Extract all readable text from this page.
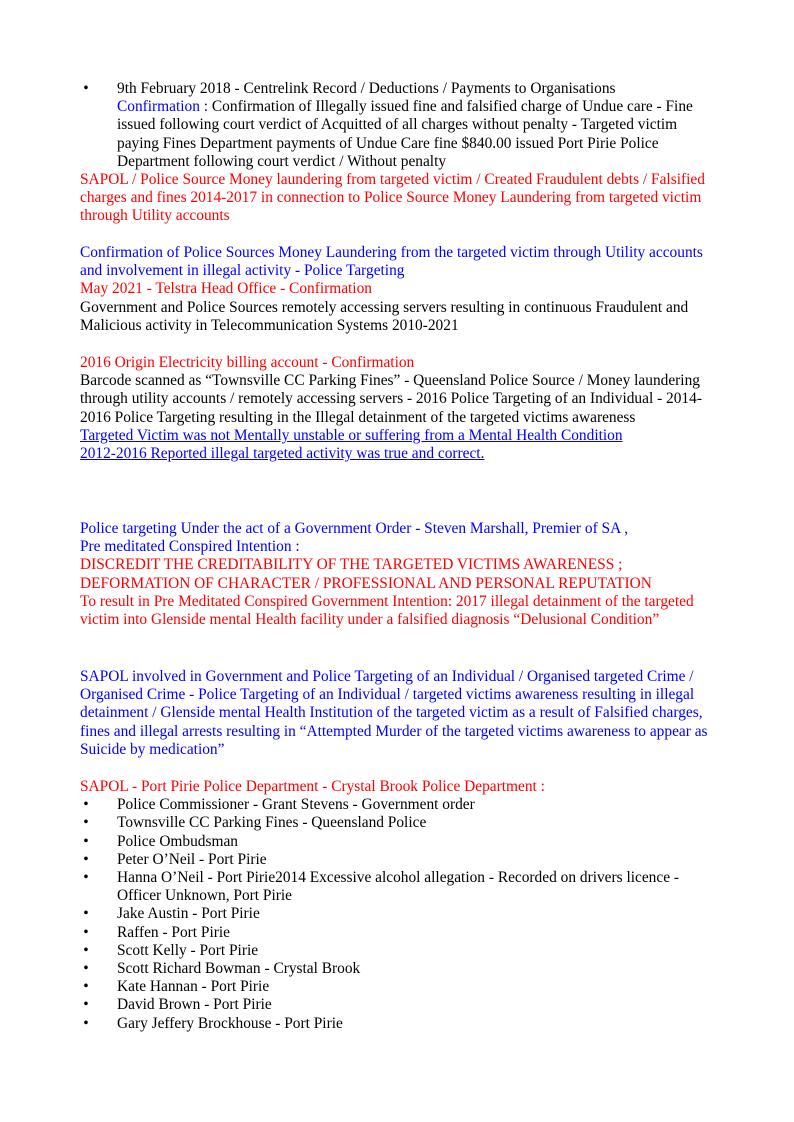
• 9th February 2018 - Centrelink Record / Deductions / Payments to Organisations
Confirmation : Confirmation of Illegally issued fine and falsified charge of Undue care - Fine issued following court verdict of Acquitted of all charges without penalty - Targeted victim paying Fines Department payments of Undue Care fine $840.00 issued Port Pirie Police Department following court verdict / Without penalty

SAPOL / Police Source Money laundering from targeted victim / Created Fraudulent debts / Falsified charges and fines 2014-2017 in connection to Police Source Money Laundering from targeted victim through Utility accounts

Confirmation of Police Sources Money Laundering from the targeted victim through Utility accounts and involvement in illegal activity - Police Targeting
May 2021 - Telstra Head Office - Confirmation
Government and Police Sources remotely accessing servers resulting in continuous Fraudulent and Malicious activity in Telecommunication Systems 2010-2021
2016 Origin Electricity billing account - Confirmation
Barcode scanned as “Townsville CC Parking Fines” - Queensland Police Source / Money laundering through utility accounts / remotely accessing servers - 2016 Police Targeting of an Individual - 2014-2016 Police Targeting resulting in the Illegal detainment of the targeted victims awareness
Targeted Victim was not Mentally unstable or suffering from a Mental Health Condition
2012-2016 Reported illegal targeted activity was true and correct.
Police targeting Under the act of a Government Order - Steven Marshall, Premier of SA ,
Pre meditated Conspired Intention :
DISCREDIT THE CREDITABILITY OF THE TARGETED VICTIMS AWARENESS ;
DEFORMATION OF CHARACTER / PROFESSIONAL AND PERSONAL REPUTATION
To result in Pre Meditated Conspired Government Intention: 2017 illegal detainment of the targeted victim into Glenside mental Health facility under a falsified diagnosis “Delusional Condition”

SAPOL involved in Government and Police Targeting of an Individual / Organised targeted Crime / Organised Crime - Police Targeting of an Individual / targeted victims awareness resulting in illegal detainment / Glenside mental Health Institution of the targeted victim as a result of Falsified charges, fines and illegal arrests resulting in “Attempted Murder of the targeted victims awareness to appear as Suicide by medication”

SAPOL - Port Pirie Police Department - Crystal Brook Police Department :
• Police Commissioner - Grant Stevens - Government order
• Townsville CC Parking Fines - Queensland Police
• Police Ombudsman
• Peter O’Neil - Port Pirie
• Hanna O’Neil - Port Pirie2014 Excessive alcohol allegation - Recorded on drivers licence - Officer Unknown, Port Pirie
• Jake Austin - Port Pirie
• Raffen - Port Pirie
• Scott Kelly - Port Pirie
• Scott Richard Bowman - Crystal Brook
• Kate Hannan - Port Pirie
• David Brown - Port Pirie
• Gary Jeffery Brockhouse - Port Pirie
